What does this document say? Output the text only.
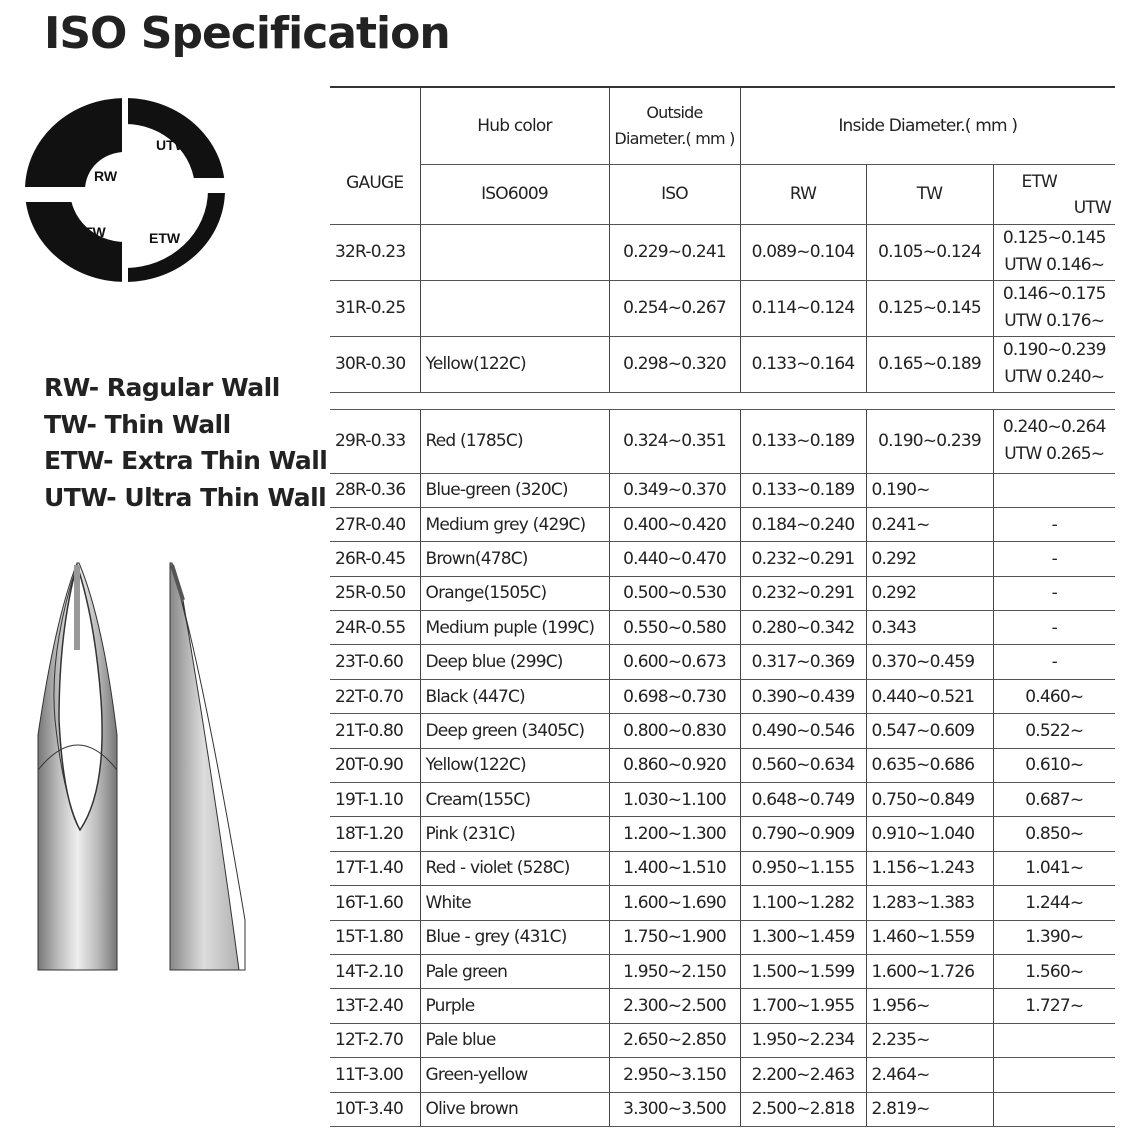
ISO Specification
UTW
RW
TW	ETW
RW- Ragular Wall
TW- Thin Wall
ETW- Extra Thin Wall
UTW- Ultra Thin Wall
GAUGE	Hub color	Outside Diameter.( mm )	Inside Diameter.( mm )		
	ISO6009	ISO	RW	TW	ETW
UTW

32R-0.23		0.229~0.241	0.089~0.104	0.105~0.124	0.125~0.145
UTW 0.146~

31R-0.25		0.254~0.267	0.114~0.124	0.125~0.145	0.146~0.175
UTW 0.176~

30R-0.30	Yellow(122C)	0.298~0.320	0.133~0.164	0.165~0.189	0.190~0.239
UTW 0.240~

29R-0.33	Red (1785C)	0.324~0.351	0.133~0.189	0.190~0.239	0.240~0.264
UTW 0.265~

28R-0.36	Blue-green (320C)	0.349~0.370	0.133~0.189	0.190~	
27R-0.40	Medium grey (429C)	0.400~0.420	0.184~0.240	0.241~	-
26R-0.45	Brown(478C)	0.440~0.470	0.232~0.291	0.292	-
25R-0.50	Orange(1505C)	0.500~0.530	0.232~0.291	0.292	-
24R-0.55	Medium puple (199C)	0.550~0.580	0.280~0.342	0.343	-
23T-0.60	Deep blue (299C)	0.600~0.673	0.317~0.369	0.370~0.459	-
22T-0.70	Black (447C)	0.698~0.730	0.390~0.439	0.440~0.521	0.460~
21T-0.80	Deep green (3405C)	0.800~0.830	0.490~0.546	0.547~0.609	0.522~
20T-0.90	Yellow(122C)	0.860~0.920	0.560~0.634	0.635~0.686	0.610~
19T-1.10	Cream(155C)	1.030~1.100	0.648~0.749	0.750~0.849	0.687~
18T-1.20	Pink (231C)	1.200~1.300	0.790~0.909	0.910~1.040	0.850~
17T-1.40	Red - violet (528C)	1.400~1.510	0.950~1.155	1.156~1.243	1.041~
16T-1.60	White	1.600~1.690	1.100~1.282	1.283~1.383	1.244~
15T-1.80	Blue - grey (431C)	1.750~1.900	1.300~1.459	1.460~1.559	1.390~
14T-2.10	Pale green	1.950~2.150	1.500~1.599	1.600~1.726	1.560~
13T-2.40	Purple	2.300~2.500	1.700~1.955	1.956~	1.727~
12T-2.70	Pale blue	2.650~2.850	1.950~2.234	2.235~	
11T-3.00	Green-yellow	2.950~3.150	2.200~2.463	2.464~	
10T-3.40	Olive brown	3.300~3.500	2.500~2.818	2.819~	
